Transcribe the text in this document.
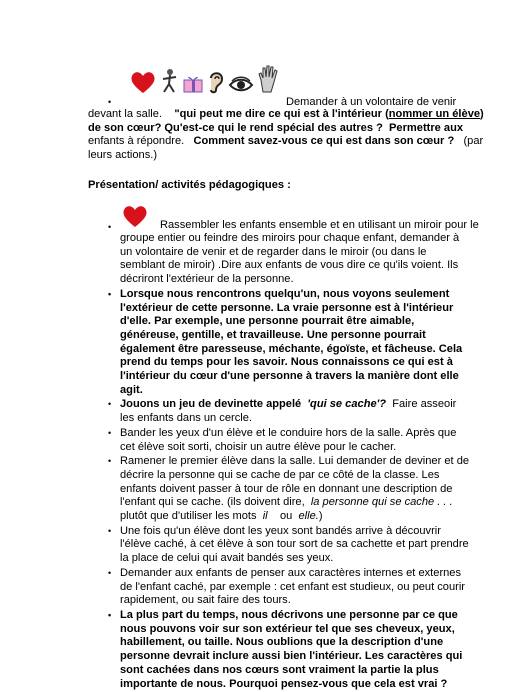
•
	Demander à un volontaire de venir

devant la salle. "qui peut me dire ce qui est à l'intérieur (nommer un élève) de son cœur? Qu'est-ce qui le rend spécial des autres ? Permettre aux enfants à répondre. Comment savez-vous ce qui est dans son cœur ? (par leurs actions.)

Présentation/ activités pédagogiques :
•	Rassembler les enfants ensemble et en utilisant un miroir pour le
groupe entier ou feindre des miroirs pour chaque enfant, demander à un volontaire de venir et de regarder dans le miroir (ou dans le semblant de miroir) .Dire aux enfants de vous dire ce qu'ils voient. Ils décriront l'extérieur de la personne.
• Lorsque nous rencontrons quelqu'un, nous voyons seulement l'extérieur de cette personne. La vraie personne est à l'intérieur d'elle. Par exemple, une personne pourrait être aimable, généreuse, gentille, et travailleuse. Une personne pourrait également être paresseuse, méchante, égoïste, et fâcheuse. Cela prend du temps pour les savoir. Nous connaissons ce qui est à l'intérieur du cœur d'une personne à travers la manière dont elle agit.
• Jouons un jeu de devinette appelé 'qui se cache'? Faire asseoir les enfants dans un cercle.
• Bander les yeux d'un élève et le conduire hors de la salle. Après que cet élève soit sorti, choisir un autre élève pour le cacher.
• Ramener le premier élève dans la salle. Lui demander de deviner et de décrire la personne qui se cache de par ce côté de la classe. Les enfants doivent passer à tour de rôle en donnant une description de l'enfant qui se cache. (ils doivent dire, la personne qui se cache . . . plutôt que d'utiliser les mots il ou elle.)
• Une fois qu'un élève dont les yeux sont bandés arrive à découvrir l'élève caché, à cet élève à son tour sort de sa cachette et part prendre la place de celui qui avait bandés ses yeux.
• Demander aux enfants de penser aux caractères internes et externes de l'enfant caché, par exemple : cet enfant est studieux, ou peut courir rapidement, ou sait faire des tours.
• La plus part du temps, nous décrivons une personne par ce que nous pouvons voir sur son extérieur tel que ses cheveux, yeux, habillement, ou taille. Nous oublions que la description d'une personne devrait inclure aussi bien l'intérieur. Les caractères qui sont cachées dans nos cœurs sont vraiment la partie la plus importante de nous. Pourquoi pensez-vous que cela est vrai ?
